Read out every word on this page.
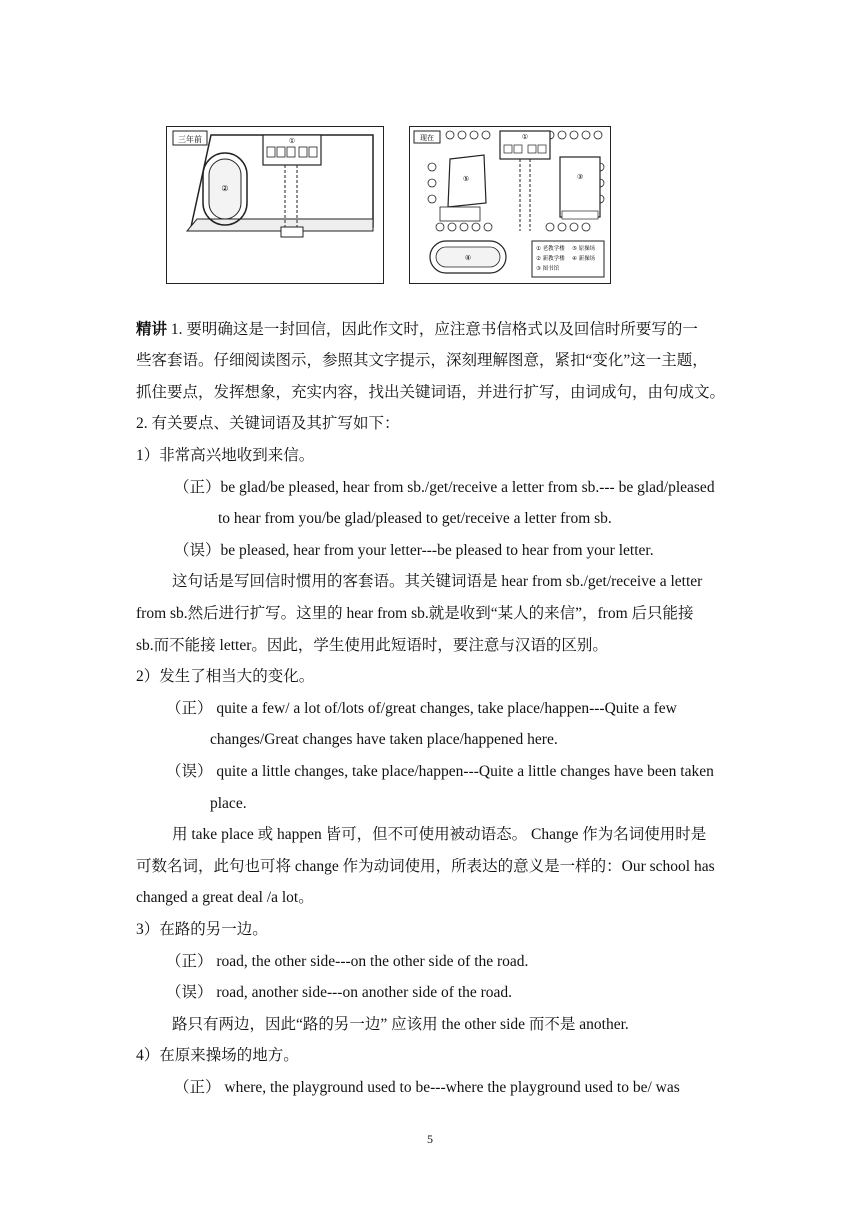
三年前
②
①	现在	①
⑤	③
④
① 老教学楼 ⑤ 原操场
② 新教学楼 ④ 新操场
③ 图书馆
精讲 1. 要明确这是一封回信，因此作文时，应注意书信格式以及回信时所要写的一
些客套语。仔细阅读图示，参照其文字提示，深刻理解图意，紧扣“变化”这一主题，
抓住要点，发挥想象，充实内容，找出关键词语，并进行扩写，由词成句，由句成文。
2. 有关要点、关键词语及其扩写如下：
1）非常高兴地收到来信。
（正）be glad/be pleased, hear from sb./get/receive a letter from sb.--- be glad/pleased
to hear from you/be glad/pleased to get/receive a letter from sb.
（误）be pleased, hear from your letter---be pleased to hear from your letter.
这句话是写回信时惯用的客套语。其关键词语是 hear from sb./get/receive a letter
from sb.然后进行扩写。这里的 hear from sb.就是收到“某人的来信”，from 后只能接
sb.而不能接 letter。因此，学生使用此短语时，要注意与汉语的区别。
2）发生了相当大的变化。
（正） quite a few/ a lot of/lots of/great changes, take place/happen---Quite a few
changes/Great changes have taken place/happened here.
（误） quite a little changes, take place/happen---Quite a little changes have been taken
place.
用 take place 或 happen 皆可，但不可使用被动语态。 Change 作为名词使用时是
可数名词，此句也可将 change 作为动词使用，所表达的意义是一样的：Our school has
changed a great deal /a lot。
3）在路的另一边。
（正） road, the other side---on the other side of the road.
（误） road, another side---on another side of the road.
路只有两边，因此“路的另一边” 应该用 the other side 而不是 another.
4）在原来操场的地方。
（正） where, the playground used to be---where the playground used to be/ was
5
